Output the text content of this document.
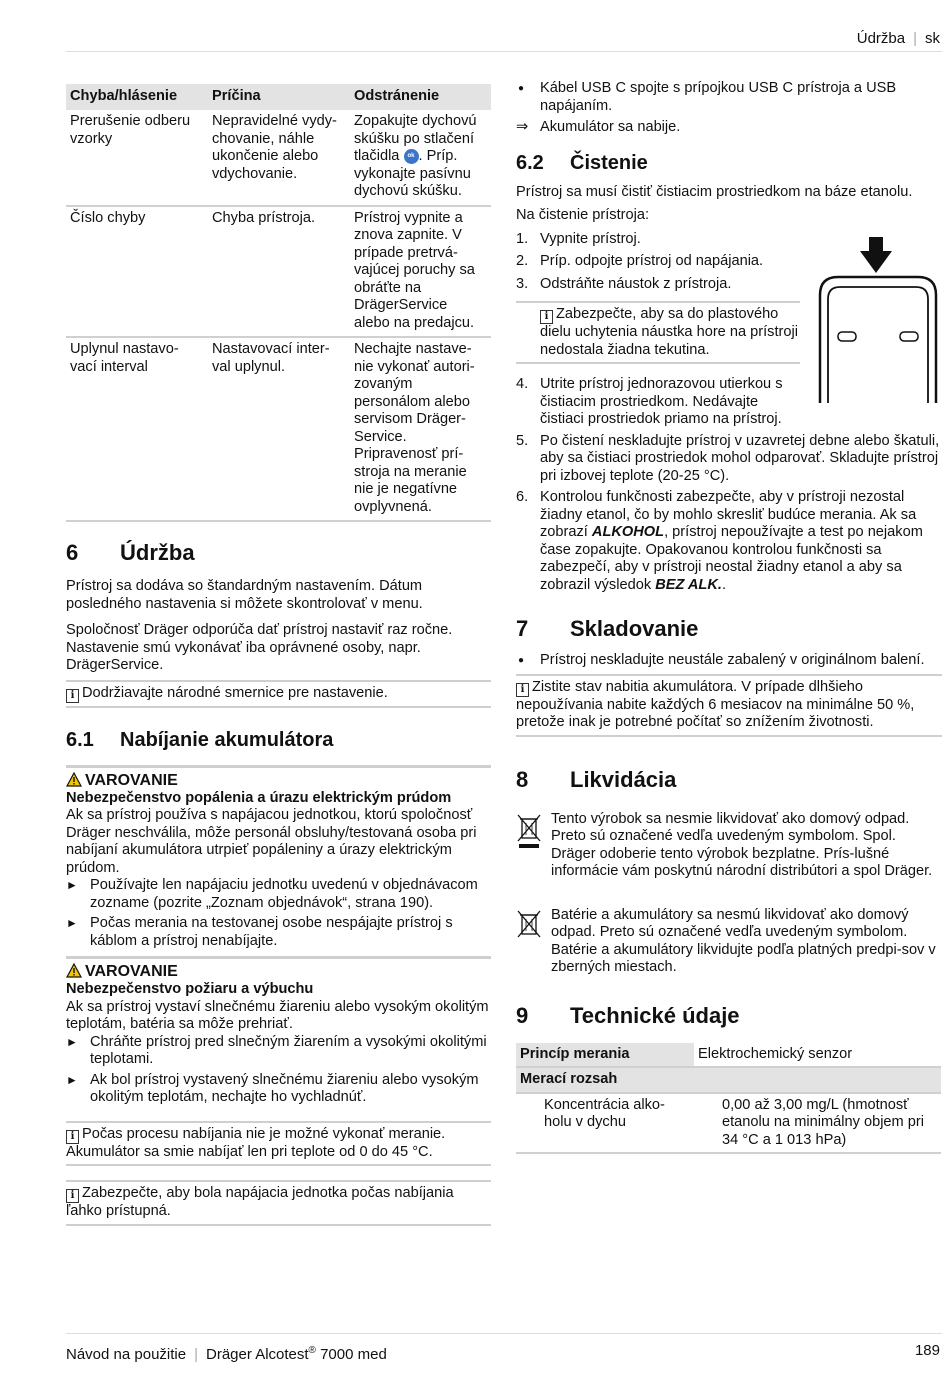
Údržba | sk
Chyba/hlásenie	Príčina	Odstránenie
Prerušenie odberu vzorky	Nepravidelné vydy-chovanie, náhle ukončenie alebo vdychovanie.	Zopakujte dychovú skúšku po stlačení tlačidla ok . Príp. vykonajte pasívnu dychovú skúšku.
Číslo chyby	Chyba prístroja.	Prístroj vypnite a znova zapnite. V prípade pretrvá-vajúcej poruchy sa obráťte na DrägerService alebo na predajcu.
Uplynul nastavo-vací interval	Nastavovací inter-val uplynul.	Nechajte nastave-nie vykonať autori-zovaným personálom alebo servisom Dräger-Service. Pripravenosť prí-stroja na meranie nie je negatívne ovplyvnená.
6 Údržba

Prístroj sa dodáva so štandardným nastavením. Dátum posledného nastavenia si môžete skontrolovať v menu.

Spoločnosť Dräger odporúča dať prístroj nastaviť raz ročne. Nastavenie smú vykonávať iba oprávnené osoby, napr. DrägerService.

i Dodržiavajte národné smernice pre nastavenie.
6.1 Nabíjanie akumulátora
VAROVANIE
Nebezpečenstvo popálenia a úrazu elektrickým prúdom

Ak sa prístroj používa s napájacou jednotkou, ktorú spoločnosť Dräger neschválila, môže personál obsluhy/testovaná osoba pri nabíjaní akumulátora utrpieť popáleniny a úrazy elektrickým prúdom.

► Používajte len napájaciu jednotku uvedenú v objednávacom zozname (pozrite „Zoznam objednávok“, strana 190).
► Počas merania na testovanej osobe nespájajte prístroj s káblom a prístroj nenabíjajte.
VAROVANIE
Nebezpečenstvo požiaru a výbuchu

Ak sa prístroj vystaví slnečnému žiareniu alebo vysokým okolitým teplotám, batéria sa môže prehriať.

► Chráňte prístroj pred slnečným žiarením a vysokými okolitými teplotami.
► Ak bol prístroj vystavený slnečnému žiareniu alebo vysokým okolitým teplotám, nechajte ho vychladnúť.
i Počas procesu nabíjania nie je možné vykonať meranie. Akumulátor sa smie nabíjať len pri teplote od 0 do 45 °C.
i Zabezpečte, aby bola napájacia jednotka počas nabíjania ľahko prístupná.
● Kábel USB C spojte s prípojkou USB C prístroja a USB napájaním.
⇒ Akumulátor sa nabije.
6.2 Čistenie

Prístroj sa musí čistiť čistiacim prostriedkom na báze etanolu.

Na čistenie prístroja:

1. Vypnite prístroj.
2. Príp. odpojte prístroj od napájania.
3. Odstráňte náustok z prístroja.
i Zabezpečte, aby sa do plastového dielu uchytenia náustka hore na prístroji nedostala žiadna tekutina.
4. Utrite prístroj jednorazovou utierkou s čistiacim prostriedkom. Nedávajte čistiaci prostriedok priamo na prístroj.
5. Po čistení neskladujte prístroj v uzavretej debne alebo škatuli, aby sa čistiaci prostriedok mohol odparovať. Skladujte prístroj pri izbovej teplote (20-25 °C).
6. Kontrolou funkčnosti zabezpečte, aby v prístroji nezostal žiadny etanol, čo by mohlo skresliť budúce merania. Ak sa zobrazí ALKOHOL, prístroj nepoužívajte a test po nejakom čase zopakujte. Opakovanou kontrolou funkčnosti sa zabezpečí, aby v prístroji neostal žiadny etanol a aby sa zobrazil výsledok BEZ ALK..
7 Skladovanie
● Prístroj neskladujte neustále zabalený v originálnom balení.
i Zistite stav nabitia akumulátora. V prípade dlhšieho nepoužívania nabite každých 6 mesiacov na minimálne 50 %, pretože inak je potrebné počítať so znížením životnosti.
8 Likvidácia

Tento výrobok sa nesmie likvidovať ako domový odpad. Preto sú označené vedľa uvedeným symbolom. Spol. Dräger odoberie tento výrobok bezplatne. Prís-lušné informácie vám poskytnú národní distribútori a spol Dräger.

Batérie a akumulátory sa nesmú likvidovať ako domový odpad. Preto sú označené vedľa uvedeným symbolom. Batérie a akumulátory likvidujte podľa platných predpi-sov v zberných miestach.

9 Technické údaje
Princíp merania	Elektrochemický senzor
Merací rozsah	
Koncentrácia alko-holu v dychu	0,00 až 3,00 mg/L (hmotnosť etanolu na minimálny objem pri 34 °C a 1 013 hPa)
Návod na použitie | Dräger Alcotest® 7000 med	189
